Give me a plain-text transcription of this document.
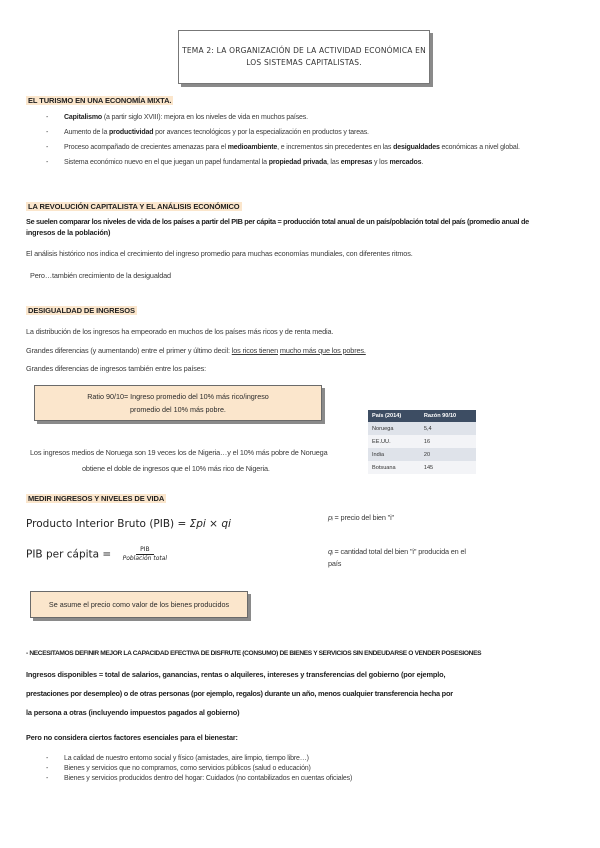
TEMA 2: LA ORGANIZACIÓN DE LA ACTIVIDAD ECONÓMICA EN
LOS SISTEMAS CAPITALISTAS.
EL TURISMO EN UNA ECONOMÍA MIXTA.
- Capitalismo (a partir siglo XVIII): mejora en los niveles de vida en muchos países.
- Aumento de la productividad por avances tecnológicos y por la especialización en productos y tareas.
- Proceso acompañado de crecientes amenazas para el medioambiente, e incrementos sin precedentes en las desigualdades económicas a nivel global.
- Sistema económico nuevo en el que juegan un papel fundamental la propiedad privada, las empresas y los mercados.
LA REVOLUCIÓN CAPITALISTA Y EL ANÁLISIS ECONÓMICO
Se suelen comparar los niveles de vida de los países a partir del PIB per cápita = producción total anual de un país/población total del país (promedio anual de
ingresos de la población)
El análisis histórico nos indica el crecimiento del ingreso promedio para muchas economías mundiales, con diferentes ritmos.
Pero…también crecimiento de la desigualdad
DESIGUALDAD DE INGRESOS
La distribución de los ingresos ha empeorado en muchos de los países más ricos y de renta media.
Grandes diferencias (y aumentando) entre el primer y último decil: los ricos tienen mucho más que los pobres.
Grandes diferencias de ingresos también entre los países:
Ratio 90/10= Ingreso promedio del 10% más rico/ingreso
promedio del 10% más pobre.
Los ingresos medios de Noruega son 19 veces los de Nigeria…y el 10% más pobre de Noruega
obtiene el doble de ingresos que el 10% más rico de Nigeria.
País (2014)	Razón 90/10
Noruega	5,4
EE.UU.	16
India	20
Botsuana	145
MEDIR INGRESOS Y NIVELES DE VIDA
Producto Interior Bruto (PIB) = Σpi × qi
PIB per cápita = $\frac{\text{PIB}}{\text{Población total}}$
pᵢ = precio del bien "i"
qᵢ = cantidad total del bien "i" producida en el
país
Se asume el precio como valor de los bienes producidos
- NECESITAMOS DEFINIR MEJOR LA CAPACIDAD EFECTIVA DE DISFRUTE (CONSUMO) DE BIENES Y SERVICIOS SIN ENDEUDARSE O VENDER POSESIONES
Ingresos disponibles = total de salarios, ganancias, rentas o alquileres, intereses y transferencias del gobierno (por ejemplo,
prestaciones por desempleo) o de otras personas (por ejemplo, regalos) durante un año, menos cualquier transferencia hecha por
la persona a otras (incluyendo impuestos pagados al gobierno)
Pero no considera ciertos factores esenciales para el bienestar:
- La calidad de nuestro entorno social y físico (amistades, aire limpio, tiempo libre…)
- Bienes y servicios que no compramos, como servicios públicos (salud o educación)
- Bienes y servicios producidos dentro del hogar: Cuidados (no contabilizados en cuentas oficiales)
